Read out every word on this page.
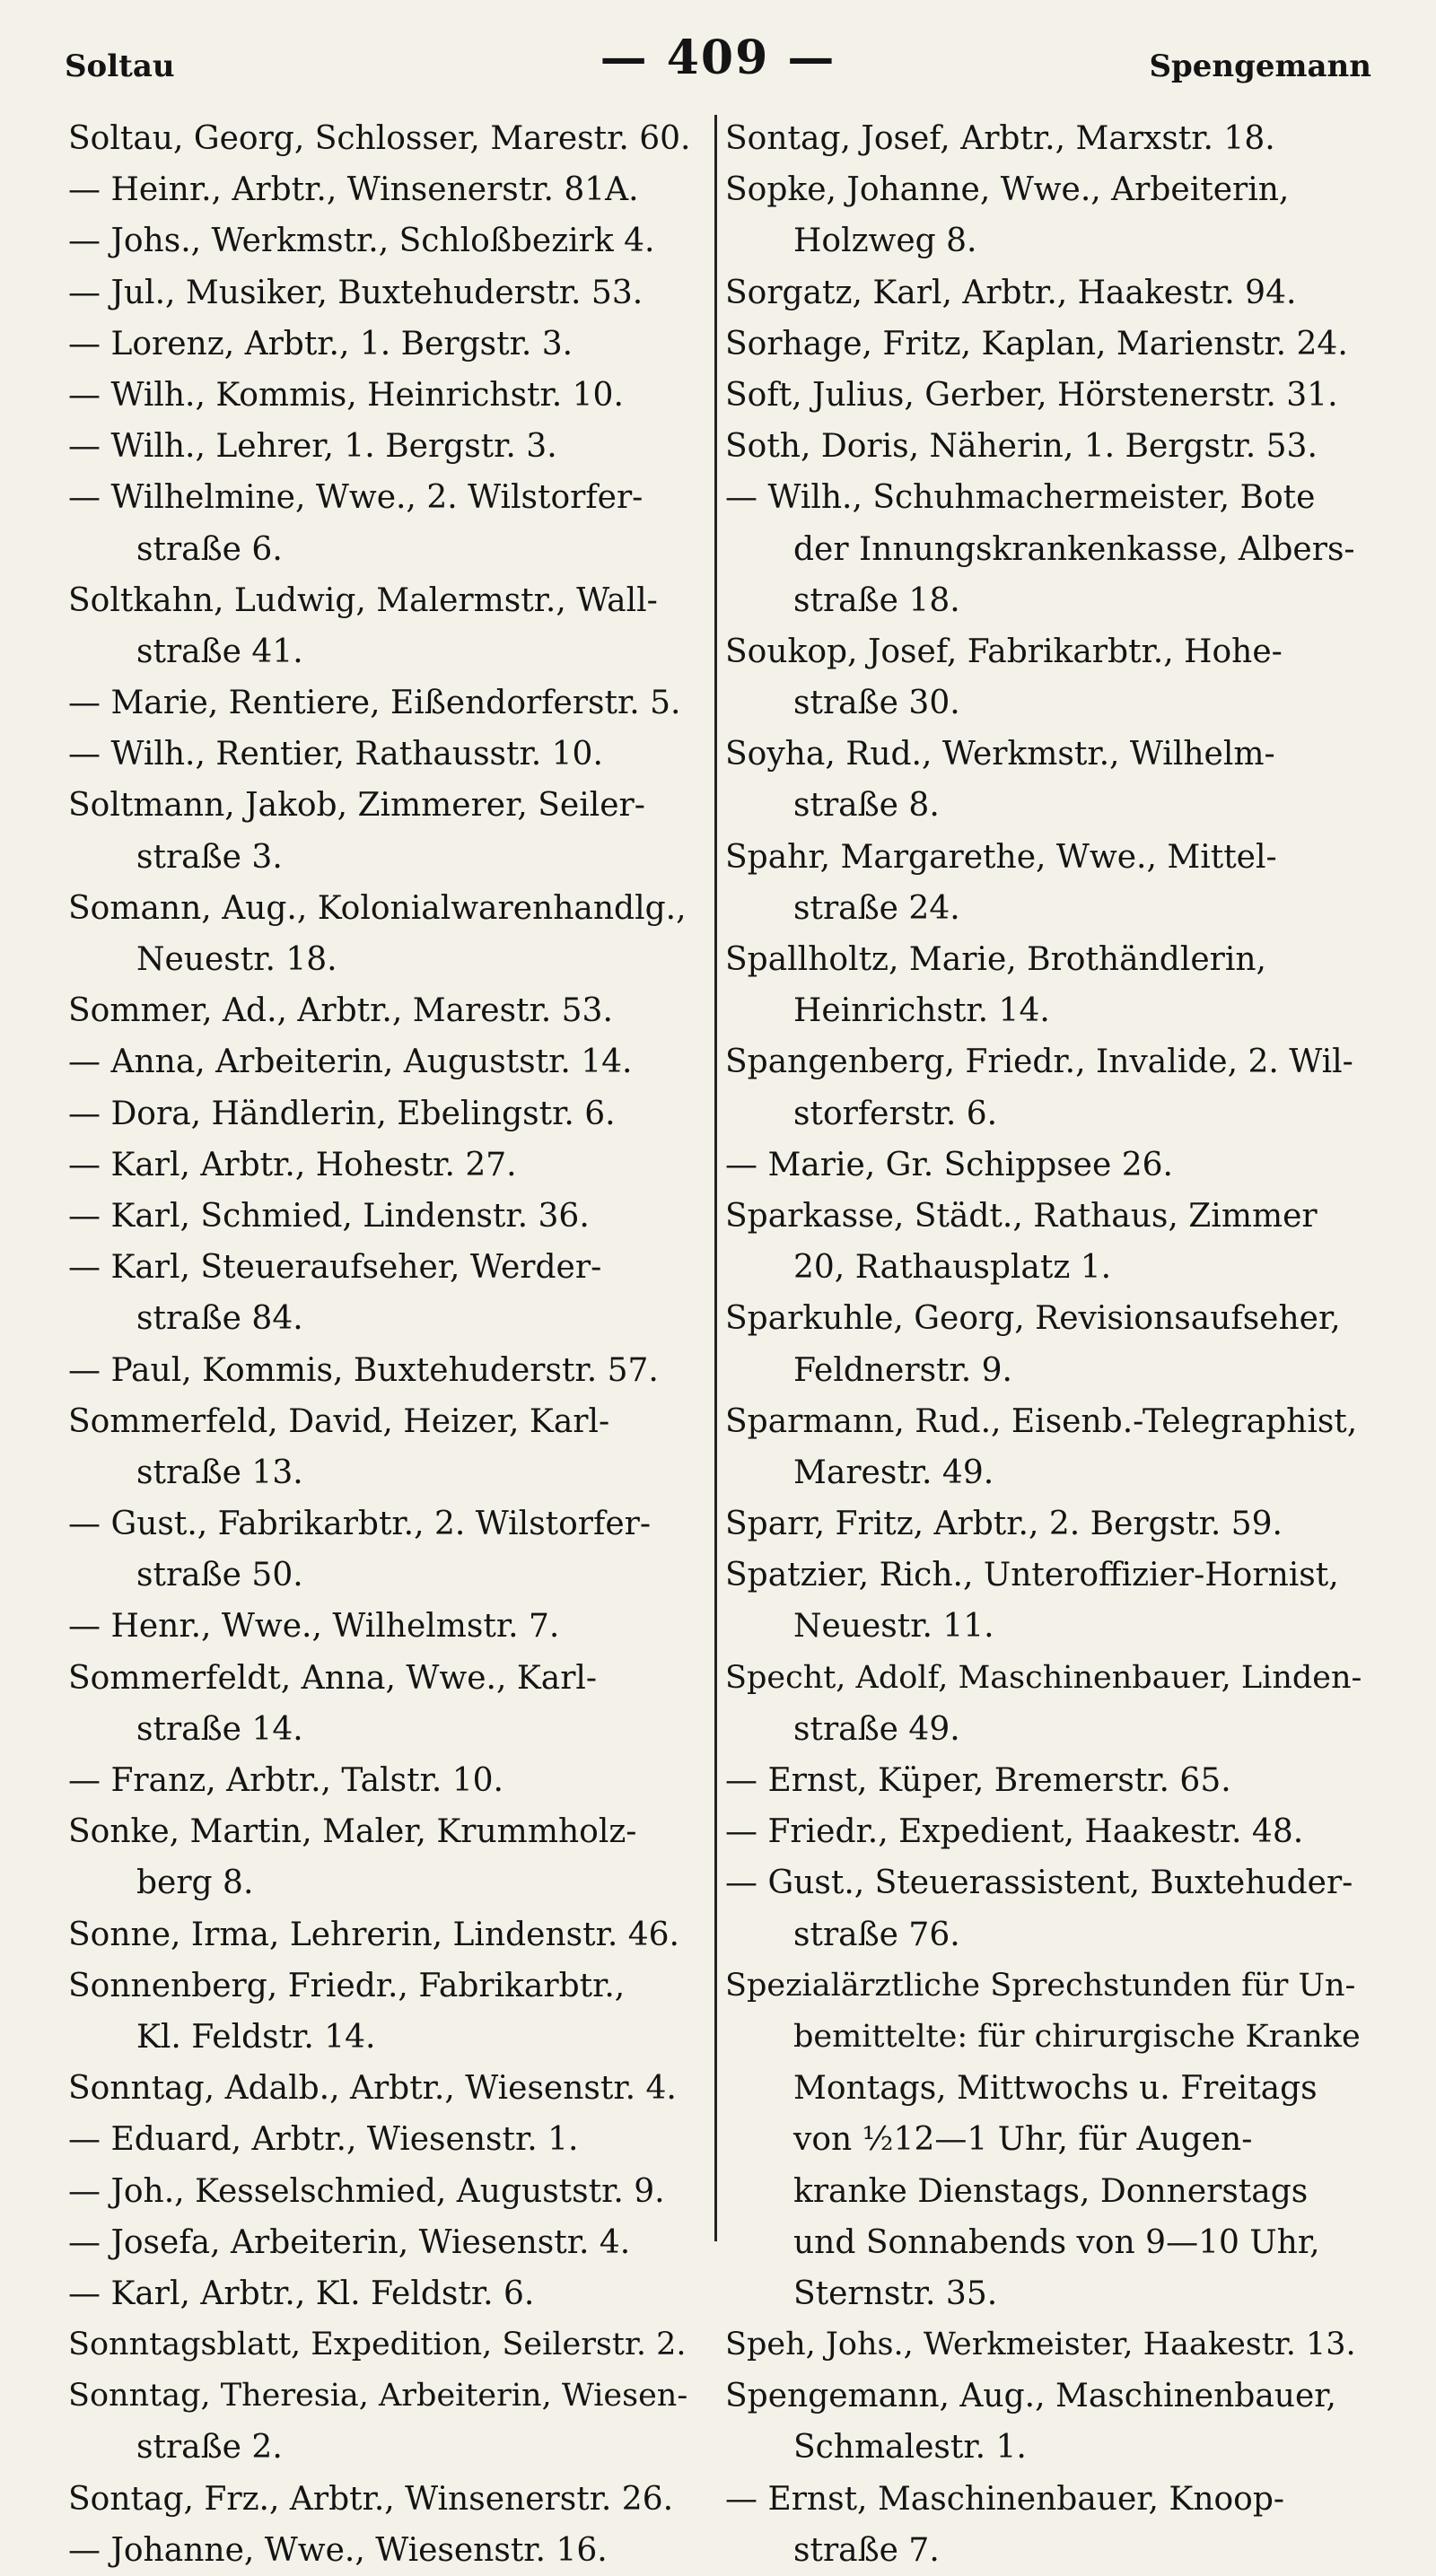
Soltau	— 409 —	Spengemann
Soltau, Georg, Schlosser, Marestr. 60.
— Heinr., Arbtr., Winsenerstr. 81A.
— Johs., Werkmstr., Schloßbezirk 4.
— Jul., Musiker, Buxtehuderstr. 53.
— Lorenz, Arbtr., 1. Bergstr. 3.
— Wilh., Kommis, Heinrichstr. 10.
— Wilh., Lehrer, 1. Bergstr. 3.
— Wilhelmine, Wwe., 2. Wilstorfer-
straße 6.
Soltkahn, Ludwig, Malermstr., Wall-
straße 41.
— Marie, Rentiere, Eißendorferstr. 5.
— Wilh., Rentier, Rathausstr. 10.
Soltmann, Jakob, Zimmerer, Seiler-
straße 3.
Somann, Aug., Kolonialwarenhandlg.,
Neuestr. 18.
Sommer, Ad., Arbtr., Marestr. 53.
— Anna, Arbeiterin, Auguststr. 14.
— Dora, Händlerin, Ebelingstr. 6.
— Karl, Arbtr., Hohestr. 27.
— Karl, Schmied, Lindenstr. 36.
— Karl, Steueraufseher, Werder-
straße 84.
— Paul, Kommis, Buxtehuderstr. 57.
Sommerfeld, David, Heizer, Karl-
straße 13.
— Gust., Fabrikarbtr., 2. Wilstorfer-
straße 50.
— Henr., Wwe., Wilhelmstr. 7.
Sommerfeldt, Anna, Wwe., Karl-
straße 14.
— Franz, Arbtr., Talstr. 10.
Sonke, Martin, Maler, Krummholz-
berg 8.
Sonne, Irma, Lehrerin, Lindenstr. 46.
Sonnenberg, Friedr., Fabrikarbtr.,
Kl. Feldstr. 14.
Sonntag, Adalb., Arbtr., Wiesenstr. 4.
— Eduard, Arbtr., Wiesenstr. 1.
— Joh., Kesselschmied, Auguststr. 9.
— Josefa, Arbeiterin, Wiesenstr. 4.
— Karl, Arbtr., Kl. Feldstr. 6.
Sonntagsblatt, Expedition, Seilerstr. 2.
Sonntag, Theresia, Arbeiterin, Wiesen-
straße 2.
Sontag, Frz., Arbtr., Winsenerstr. 26.
— Johanne, Wwe., Wiesenstr. 16.
Sontag, Josef, Arbtr., Marxstr. 18.
Sopke, Johanne, Wwe., Arbeiterin,
Holzweg 8.
Sorgatz, Karl, Arbtr., Haakestr. 94.
Sorhage, Fritz, Kaplan, Marienstr. 24.
Soft, Julius, Gerber, Hörstenerstr. 31.
Soth, Doris, Näherin, 1. Bergstr. 53.
— Wilh., Schuhmachermeister, Bote
der Innungskrankenkasse, Albers-
straße 18.
Soukop, Josef, Fabrikarbtr., Hohe-
straße 30.
Soyha, Rud., Werkmstr., Wilhelm-
straße 8.
Spahr, Margarethe, Wwe., Mittel-
straße 24.
Spallholtz, Marie, Brothändlerin,
Heinrichstr. 14.
Spangenberg, Friedr., Invalide, 2. Wil-
storferstr. 6.
— Marie, Gr. Schippsee 26.
Sparkasse, Städt., Rathaus, Zimmer
20, Rathausplatz 1.
Sparkuhle, Georg, Revisionsaufseher,
Feldnerstr. 9.
Sparmann, Rud., Eisenb.-Telegraphist,
Marestr. 49.
Sparr, Fritz, Arbtr., 2. Bergstr. 59.
Spatzier, Rich., Unteroffizier-Hornist,
Neuestr. 11.
Specht, Adolf, Maschinenbauer, Linden-
straße 49.
— Ernst, Küper, Bremerstr. 65.
— Friedr., Expedient, Haakestr. 48.
— Gust., Steuerassistent, Buxtehuder-
straße 76.
Spezialärztliche Sprechstunden für Un-
bemittelte: für chirurgische Kranke
Montags, Mittwochs u. Freitags
von ½12—1 Uhr, für Augen-
kranke Dienstags, Donnerstags
und Sonnabends von 9—10 Uhr,
Sternstr. 35.
Speh, Johs., Werkmeister, Haakestr. 13.
Spengemann, Aug., Maschinenbauer,
Schmalestr. 1.
— Ernst, Maschinenbauer, Knoop-
straße 7.
